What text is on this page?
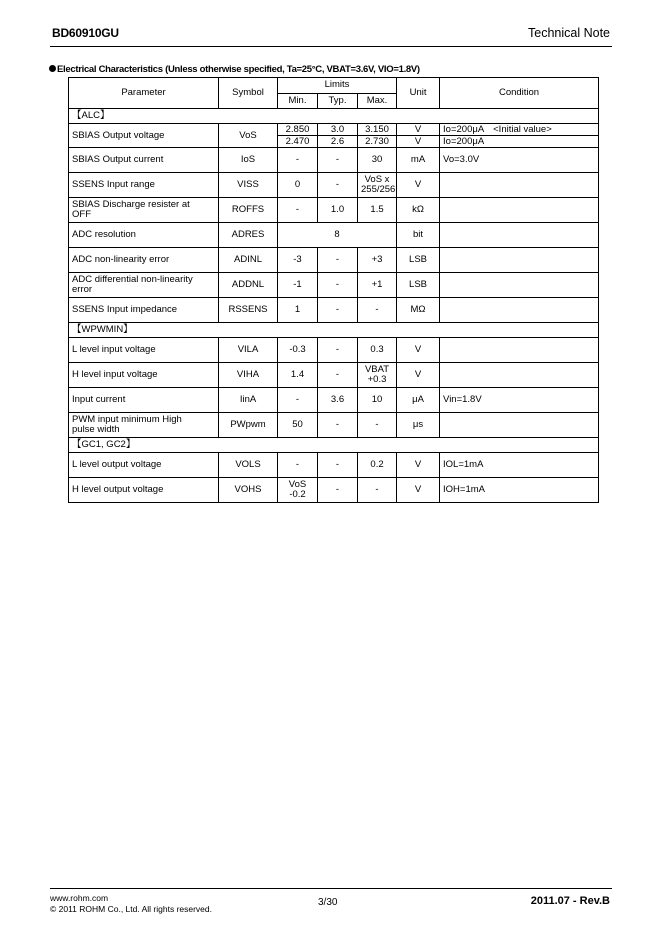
BD60910GU	Technical Note
Electrical Characteristics (Unless otherwise specified, Ta=25°C, VBAT=3.6V, VIO=1.8V)
Parameter	Symbol	Limits			Unit	Condition
		Min.	Typ.	Max.		
【ALC】						
SBIAS Output voltage	VoS	2.850	3.0	3.150	V	Io=200μA　<Initial value>
		2.470	2.6	2.730	V	Io=200μA
SBIAS Output current	IoS	-	-	30	mA	Vo=3.0V
SSENS Input range	VISS	0	-	VoS x
255/256	V	
SBIAS Discharge resister at
OFF	ROFFS	-	1.0	1.5	kΩ	
ADC resolution	ADRES	8			bit	
ADC non-linearity error	ADINL	-3	-	+3	LSB	
ADC differential non-linearity
error	ADDNL	-1	-	+1	LSB	
SSENS Input impedance	RSSENS	1	-	-	MΩ	
【WPWMIN】						
L level input voltage	VILA	-0.3	-	0.3	V	
H level input voltage	VIHA	1.4	-	VBAT
+0.3	V	
Input current	IinA	-	3.6	10	μA	Vin=1.8V
PWM input minimum High
pulse width	PWpwm	50	-	-	μs	
【GC1, GC2】						
L level output voltage	VOLS	-	-	0.2	V	IOL=1mA
H level output voltage	VOHS	VoS
-0.2	-	-	V	IOH=1mA
www.rohm.com
© 2011 ROHM Co., Ltd. All rights reserved.
3/30	2011.07 - Rev.B
